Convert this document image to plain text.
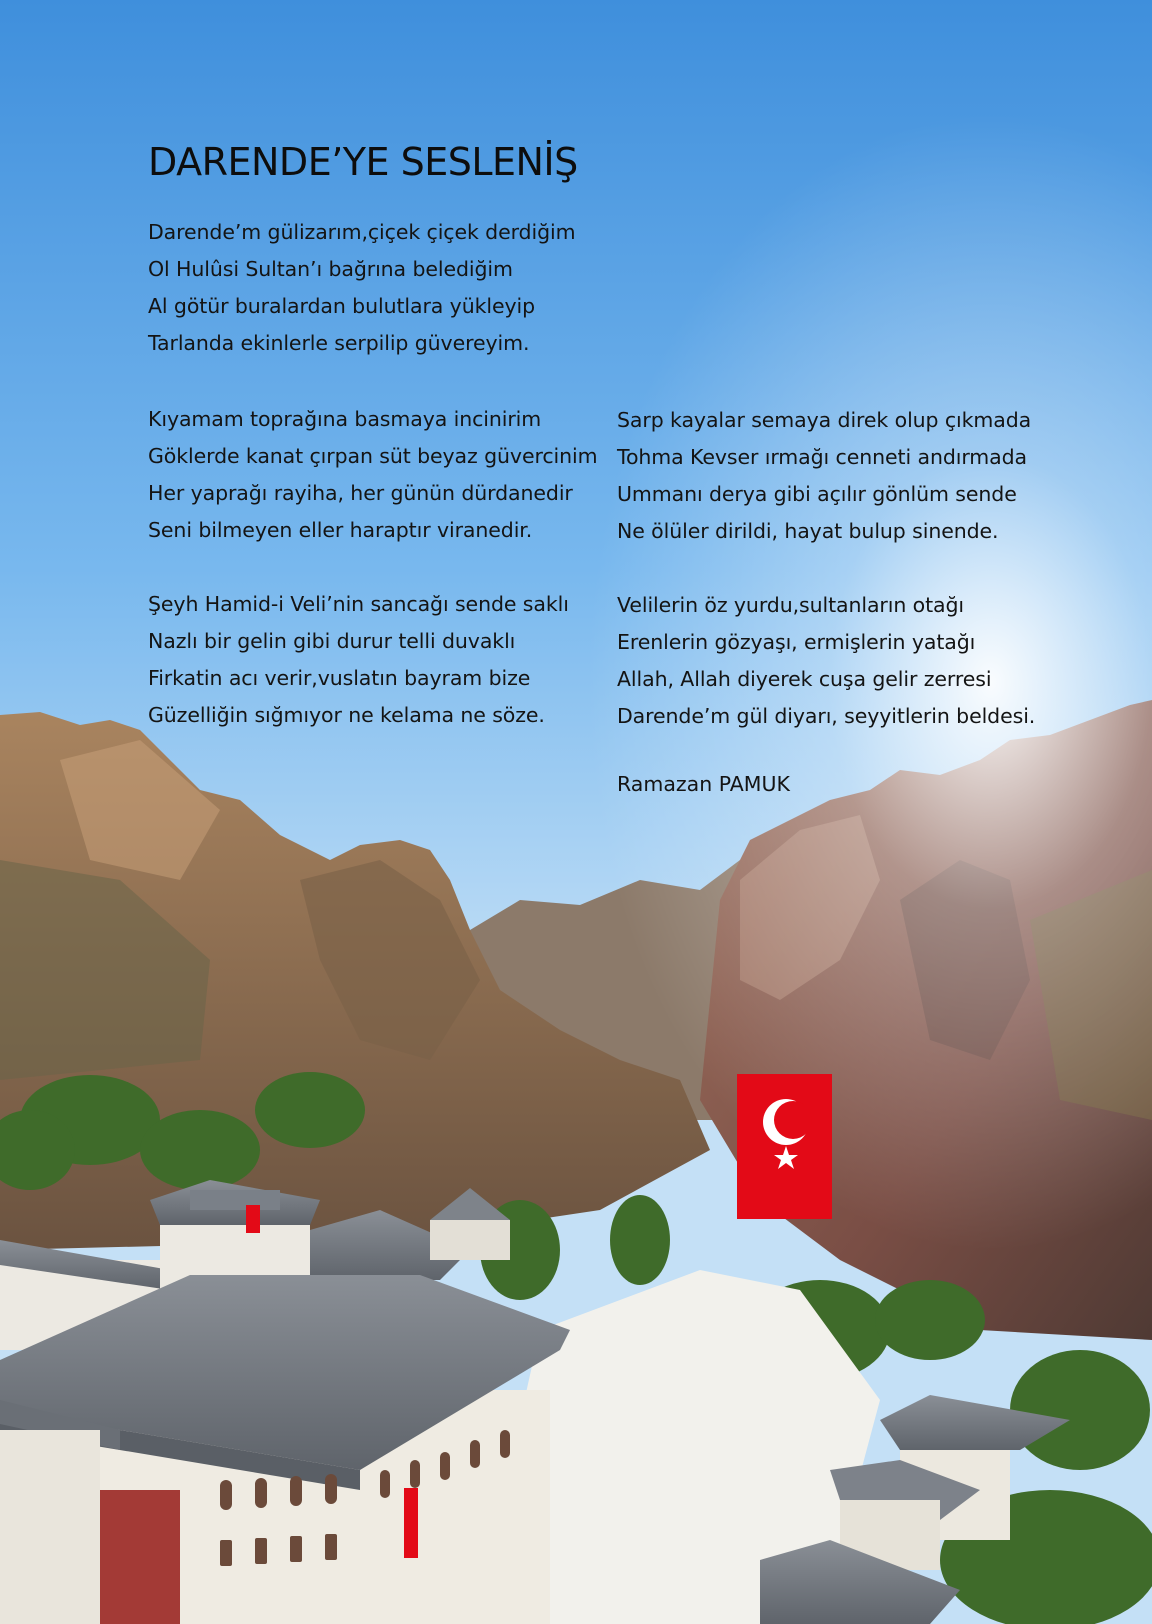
DARENDE’YE SESLENİŞ
Darende’m gülizarım,çiçek çiçek derdiğim
Ol Hulûsi Sultan’ı bağrına belediğim
Al götür buralardan bulutlara yükleyip
Tarlanda ekinlerle serpilip güvereyim.
Kıyamam toprağına basmaya incinirim
Göklerde kanat çırpan süt beyaz güvercinim
Her yaprağı rayiha, her günün dürdanedir
Seni bilmeyen eller haraptır viranedir.
Şeyh Hamid-i Veli’nin sancağı sende saklı
Nazlı bir gelin gibi durur telli duvaklı
Firkatin acı verir,vuslatın bayram bize
Güzelliğin sığmıyor ne kelama ne söze.
Sarp kayalar semaya direk olup çıkmada
Tohma Kevser ırmağı cenneti andırmada
Ummanı derya gibi açılır gönlüm sende
Ne ölüler dirildi, hayat bulup sinende.
Velilerin öz yurdu,sultanların otağı
Erenlerin gözyaşı, ermişlerin yatağı
Allah, Allah diyerek cuşa gelir zerresi
Darende’m gül diyarı, seyyitlerin beldesi.
Ramazan PAMUK
